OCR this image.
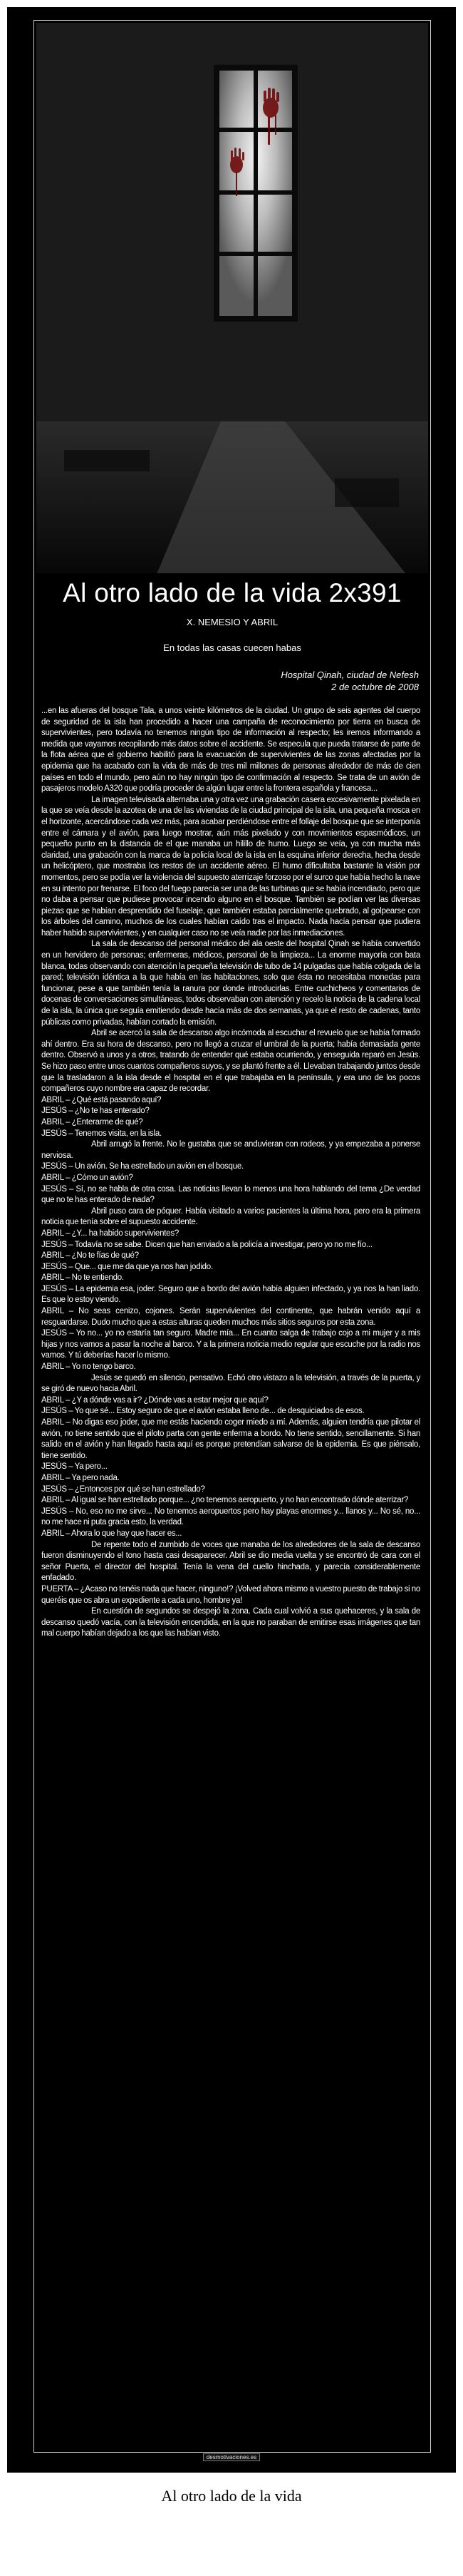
Al otro lado de la vida 2x391
X. NEMESIO Y ABRIL
En todas las casas cuecen habas
Hospital Qinah, ciudad de Nefesh
2 de octubre de 2008

...en las afueras del bosque Tala, a unos veinte kilómetros de la ciudad. Un grupo de seis agentes del cuerpo de seguridad de la isla han procedido a hacer una campaña de reconocimiento por tierra en busca de supervivientes, pero todavía no tenemos ningún tipo de información al respecto; les iremos informando a medida que vayamos recopilando más datos sobre el accidente. Se especula que pueda tratarse de parte de la flota aérea que el gobierno habilitó para la evacuación de supervivientes de las zonas afectadas por la epidemia que ha acabado con la vida de más de tres mil millones de personas alrededor de más de cien países en todo el mundo, pero aún no hay ningún tipo de confirmación al respecto. Se trata de un avión de pasajeros modelo A320 que podría proceder de algún lugar entre la frontera española y francesa...

La imagen televisada alternaba una y otra vez una grabación casera excesivamente pixelada en la que se veía desde la azotea de una de las viviendas de la ciudad principal de la isla, una pequeña mosca en el horizonte, acercándose cada vez más, para acabar perdiéndose entre el follaje del bosque que se interponía entre el cámara y el avión, para luego mostrar, aún más pixelado y con movimientos espasmódicos, un pequeño punto en la distancia de el que manaba un hilillo de humo. Luego se veía, ya con mucha más claridad, una grabación con la marca de la policía local de la isla en la esquina inferior derecha, hecha desde un helicóptero, que mostraba los restos de un accidente aéreo. El humo dificultaba bastante la visión por momentos, pero se podía ver la violencia del supuesto aterrizaje forzoso por el surco que había hecho la nave en su intento por frenarse. El foco del fuego parecía ser una de las turbinas que se había incendiado, pero que no daba a pensar que pudiese provocar incendio alguno en el bosque. También se podían ver las diversas piezas que se habían desprendido del fuselaje, que también estaba parcialmente quebrado, al golpearse con los árboles del camino, muchos de los cuales habían caído tras el impacto. Nada hacía pensar que pudiera haber habido supervivientes, y en cualquier caso no se veía nadie por las inmediaciones.

La sala de descanso del personal médico del ala oeste del hospital Qinah se había convertido en un hervidero de personas; enfermeras, médicos, personal de la limpieza... La enorme mayoría con bata blanca, todas observando con atención la pequeña televisión de tubo de 14 pulgadas que había colgada de la pared; televisión idéntica a la que había en las habitaciones, solo que ésta no necesitaba monedas para funcionar, pese a que también tenía la ranura por donde introducirlas. Entre cuchicheos y comentarios de docenas de conversaciones simultáneas, todos observaban con atención y recelo la noticia de la cadena local de la isla, la única que seguía emitiendo desde hacía más de dos semanas, ya que el resto de cadenas, tanto públicas como privadas, habían cortado la emisión.

Abril se acercó la sala de descanso algo incómoda al escuchar el revuelo que se había formado ahí dentro. Era su hora de descanso, pero no llegó a cruzar el umbral de la puerta; había demasiada gente dentro. Observó a unos y a otros, tratando de entender qué estaba ocurriendo, y enseguida reparó en Jesús. Se hizo paso entre unos cuantos compañeros suyos, y se plantó frente a él. Llevaban trabajando juntos desde que la trasladaron a la isla desde el hospital en el que trabajaba en la península, y era uno de los pocos compañeros cuyo nombre era capaz de recordar.

ABRIL – ¿Qué está pasando aquí?

JESÚS – ¿No te has enterado?

ABRIL – ¿Enterarme de qué?

JESÚS – Tenemos visita, en la isla.

Abril arrugó la frente. No le gustaba que se anduvieran con rodeos, y ya empezaba a ponerse nerviosa.

JESÚS – Un avión. Se ha estrellado un avión en el bosque.

ABRIL – ¿Cómo un avión?

JESÚS – Sí, no se habla de otra cosa. Las noticias llevan lo menos una hora hablando del tema ¿De verdad que no te has enterado de nada?

Abril puso cara de póquer. Había visitado a varios pacientes la última hora, pero era la primera noticia que tenía sobre el supuesto accidente.

ABRIL – ¿Y... ha habido supervivientes?

JESÚS – Todavía no se sabe. Dicen que han enviado a la policía a investigar, pero yo no me fío...

ABRIL – ¿No te fías de qué?

JESÚS – Que... que me da que ya nos han jodido.

ABRIL – No te entiendo.

JESÚS – La epidemia esa, joder. Seguro que a bordo del avión había alguien infectado, y ya nos la han liado. Es que lo estoy viendo.

ABRIL – No seas cenizo, cojones. Serán supervivientes del continente, que habrán venido aquí a resguardarse. Dudo mucho que a estas alturas queden muchos más sitios seguros por esta zona.

JESÚS – Yo no... yo no estaría tan seguro. Madre mía... En cuanto salga de trabajo cojo a mi mujer y a mis hijas y nos vamos a pasar la noche al barco. Y a la primera noticia medio regular que escuche por la radio nos vamos. Y tú deberías hacer lo mismo.

ABRIL – Yo no tengo barco.

Jesús se quedó en silencio, pensativo. Echó otro vistazo a la televisión, a través de la puerta, y se giró de nuevo hacia Abril.

ABRIL – ¿Y a dónde vas a ir? ¿Dónde vas a estar mejor que aquí?

JESÚS – Yo que sé... Estoy seguro de que el avión estaba lleno de... de desquiciados de esos.

ABRIL – No digas eso joder, que me estás haciendo coger miedo a mí. Además, alguien tendría que pilotar el avión, no tiene sentido que el piloto parta con gente enferma a bordo. No tiene sentido, sencillamente. Si han salido en el avión y han llegado hasta aquí es porque pretendían salvarse de la epidemia. Es que piénsalo, tiene sentido.

JESÚS – Ya pero...

ABRIL – Ya pero nada.

JESÚS – ¿Entonces por qué se han estrellado?

ABRIL – Al igual se han estrellado porque... ¿no tenemos aeropuerto, y no han encontrado dónde aterrizar?

JESÚS – No, eso no me sirve... No tenemos aeropuertos pero hay playas enormes y... llanos y... No sé, no... no me hace ni puta gracia esto, la verdad.

ABRIL – Ahora lo que hay que hacer es...

De repente todo el zumbido de voces que manaba de los alrededores de la sala de descanso fueron disminuyendo el tono hasta casi desaparecer. Abril se dio media vuelta y se encontró de cara con el señor Puerta, el director del hospital. Tenía la vena del cuello hinchada, y parecía considerablemente enfadado.

PUERTA – ¿Acaso no tenéis nada que hacer, ninguno!? ¡Volved ahora mismo a vuestro puesto de trabajo si no queréis que os abra un expediente a cada uno, hombre ya!

En cuestión de segundos se despejó la zona. Cada cual volvió a sus quehaceres, y la sala de descanso quedó vacía, con la televisión encendida, en la que no paraban de emitirse esas imágenes que tan mal cuerpo habían dejado a los que las habían visto.

desmotivaciones.es
Al otro lado de la vida
